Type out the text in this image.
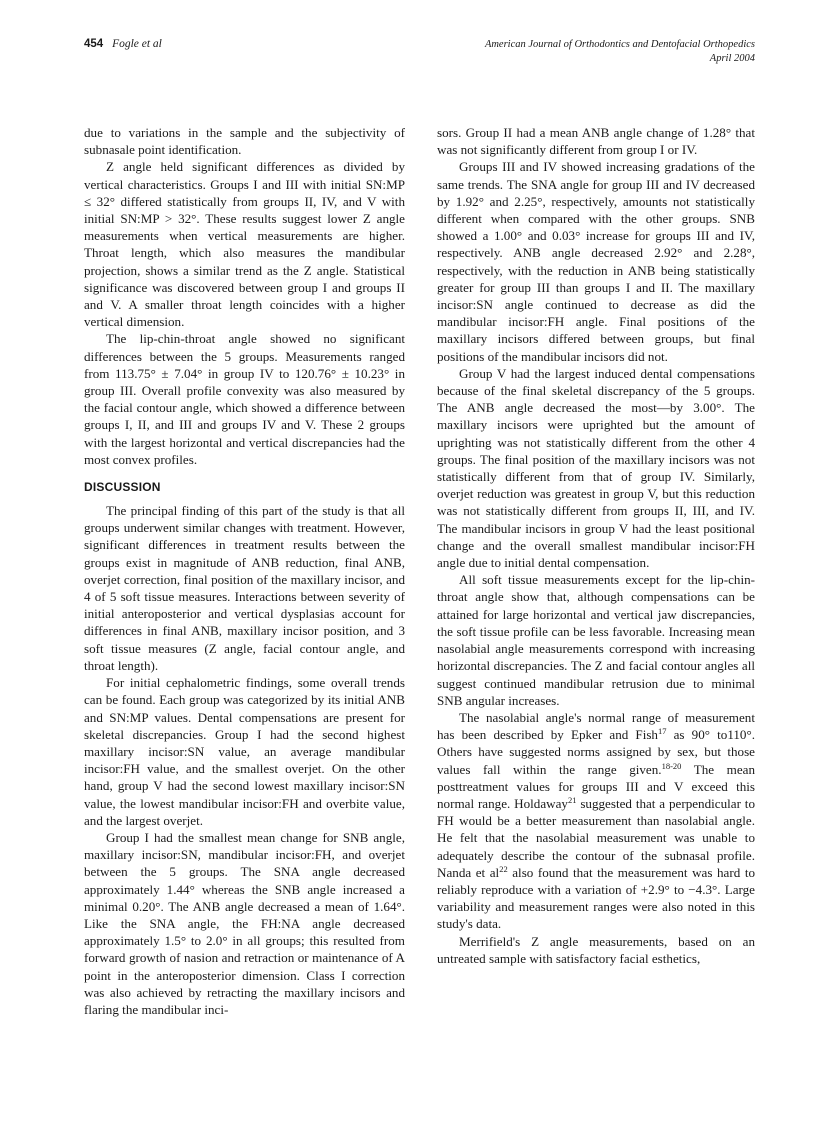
454 Fogle et al	American Journal of Orthodontics and Dentofacial Orthopedics
April 2004

due to variations in the sample and the subjectivity of subnasale point identification.

Z angle held significant differences as divided by vertical characteristics. Groups I and III with initial SN:MP ≤ 32° differed statistically from groups II, IV, and V with initial SN:MP > 32°. These results suggest lower Z angle measurements when vertical measurements are higher. Throat length, which also measures the mandibular projection, shows a similar trend as the Z angle. Statistical significance was discovered between group I and groups II and V. A smaller throat length coincides with a higher vertical dimension.

The lip-chin-throat angle showed no significant differences between the 5 groups. Measurements ranged from 113.75° ± 7.04° in group IV to 120.76° ± 10.23° in group III. Overall profile convexity was also measured by the facial contour angle, which showed a difference between groups I, II, and III and groups IV and V. These 2 groups with the largest horizontal and vertical discrepancies had the most convex profiles.

DISCUSSION

The principal finding of this part of the study is that all groups underwent similar changes with treatment. However, significant differences in treatment results between the groups exist in magnitude of ANB reduction, final ANB, overjet correction, final position of the maxillary incisor, and 4 of 5 soft tissue measures. Interactions between severity of initial anteroposterior and vertical dysplasias account for differences in final ANB, maxillary incisor position, and 3 soft tissue measures (Z angle, facial contour angle, and throat length).

For initial cephalometric findings, some overall trends can be found. Each group was categorized by its initial ANB and SN:MP values. Dental compensations are present for skeletal discrepancies. Group I had the second highest maxillary incisor:SN value, an average mandibular incisor:FH value, and the smallest overjet. On the other hand, group V had the second lowest maxillary incisor:SN value, the lowest mandibular incisor:FH and overbite value, and the largest overjet.

Group I had the smallest mean change for SNB angle, maxillary incisor:SN, mandibular incisor:FH, and overjet between the 5 groups. The SNA angle decreased approximately 1.44° whereas the SNB angle increased a minimal 0.20°. The ANB angle decreased a mean of 1.64°. Like the SNA angle, the FH:NA angle decreased approximately 1.5° to 2.0° in all groups; this resulted from forward growth of nasion and retraction or maintenance of A point in the anteroposterior dimension. Class I correction was also achieved by retracting the maxillary incisors and flaring the mandibular inci-

sors. Group II had a mean ANB angle change of 1.28° that was not significantly different from group I or IV.

Groups III and IV showed increasing gradations of the same trends. The SNA angle for group III and IV decreased by 1.92° and 2.25°, respectively, amounts not statistically different when compared with the other groups. SNB showed a 1.00° and 0.03° increase for groups III and IV, respectively. ANB angle decreased 2.92° and 2.28°, respectively, with the reduction in ANB being statistically greater for group III than groups I and II. The maxillary incisor:SN angle continued to decrease as did the mandibular incisor:FH angle. Final positions of the maxillary incisors differed between groups, but final positions of the mandibular incisors did not.

Group V had the largest induced dental compensations because of the final skeletal discrepancy of the 5 groups. The ANB angle decreased the most—by 3.00°. The maxillary incisors were uprighted but the amount of uprighting was not statistically different from the other 4 groups. The final position of the maxillary incisors was not statistically different from that of group IV. Similarly, overjet reduction was greatest in group V, but this reduction was not statistically different from groups II, III, and IV. The mandibular incisors in group V had the least positional change and the overall smallest mandibular incisor:FH angle due to initial dental compensation.

All soft tissue measurements except for the lip-chin-throat angle show that, although compensations can be attained for large horizontal and vertical jaw discrepancies, the soft tissue profile can be less favorable. Increasing mean nasolabial angle measurements correspond with increasing horizontal discrepancies. The Z and facial contour angles all suggest continued mandibular retrusion due to minimal SNB angular increases.

The nasolabial angle's normal range of measurement has been described by Epker and Fish$^{17}$ as 90° to110°. Others have suggested norms assigned by sex, but those values fall within the range given.$^{18-20}$ The mean posttreatment values for groups III and V exceed this normal range. Holdaway$^{21}$ suggested that a perpendicular to FH would be a better measurement than nasolabial angle. He felt that the nasolabial measurement was unable to adequately describe the contour of the subnasal profile. Nanda et $al^{22}$ also found that the measurement was hard to reliably reproduce with a variation of +2.9° to −4.3°. Large variability and measurement ranges were also noted in this study's data.

Merrifield's Z angle measurements, based on an untreated sample with satisfactory facial esthetics,
